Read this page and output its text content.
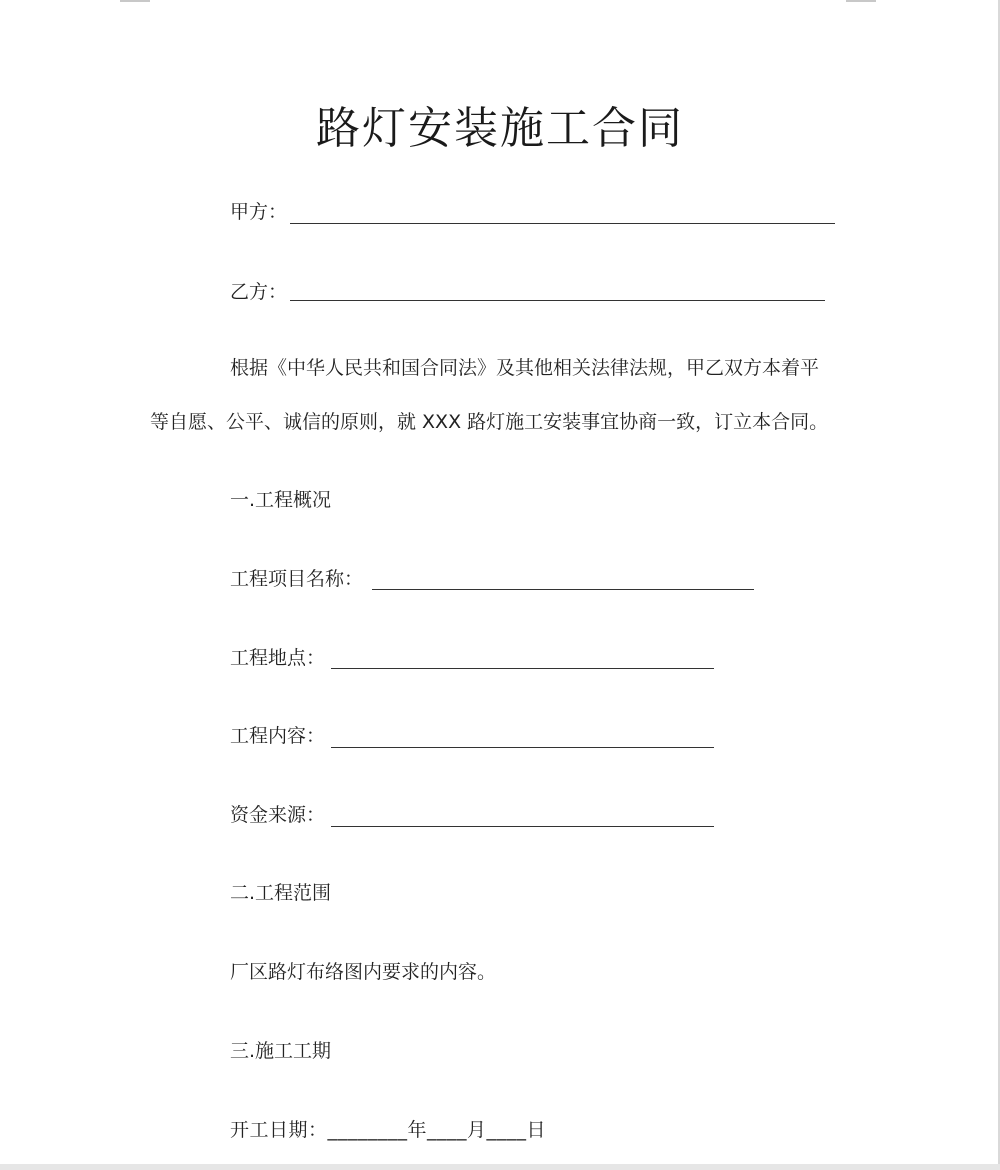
路灯安装施工合同
甲方：
乙方：
根据《中华人民共和国合同法》及其他相关法律法规，甲乙双方本着平
等自愿、公平、诚信的原则，就 XXX 路灯施工安装事宜协商一致，订立本合同。
一.工程概况
工程项目名称：
工程地点：
工程内容：
资金来源：
二.工程范围
厂区路灯布络图内要求的内容。
三.施工工期
开工日期：________年____月____日
